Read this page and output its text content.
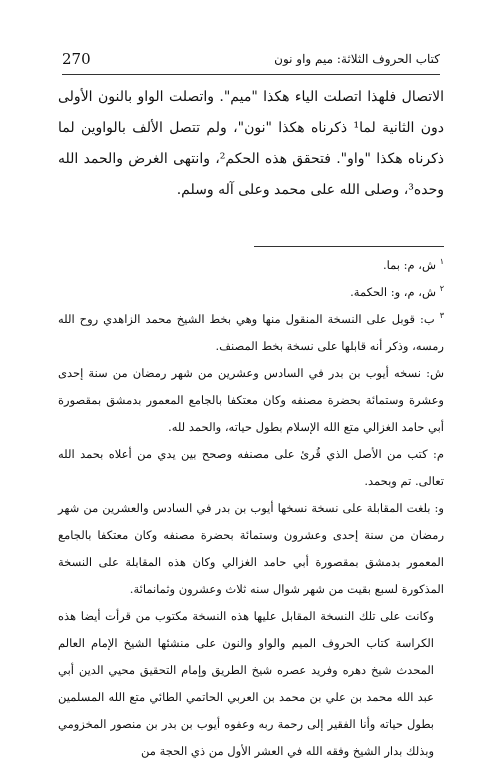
270	كتاب الحروف الثلاثة: ميم واو نون

الاتصال فلهذا اتصلت الياء هكذا "ميم". واتصلت الواو بالنون الأولى دون الثانية لما¹ ذكرناه هكذا "نون"، ولم تتصل الألف بالواوين لما ذكرناه هكذا "واو". فتحقق هذه الحكم²، وانتهى الغرض والحمد الله وحده³، وصلى الله على محمد وعلى آله وسلم.

$^١$ ش، م: بما.

$^٢$ ش، م، و: الحكمة.

$^٣$ ب: قوبل على النسخة المنقول منها وهي بخط الشيخ محمد الزاهدي روح الله رمسه، وذكر أنه قابلها على نسخة بخط المصنف.

ش: نسخه أيوب بن بدر في السادس وعشرين من شهر رمضان من سنة إحدى وعشرة وستمائة بحضرة مصنفه وكان معتكفا بالجامع المعمور بدمشق بمقصورة أبي حامد الغزالي متع الله الإسلام بطول حياته، والحمد لله.

م: كتب من الأصل الذي قُرئ على مصنفه وصحح بين يدي من أعلاه بحمد الله تعالى. تم وبحمد.

و: بلغت المقابلة على نسخة نسخها أيوب بن بدر في السادس والعشرين من شهر رمضان من سنة إحدى وعشرون وستمائة بحضرة مصنفه وكان معتكفا بالجامع المعمور بدمشق بمقصورة أبي حامد الغزالي وكان هذه المقابلة على النسخة المذكورة لسبع بقيت من شهر شوال سنه ثلاث وعشرون وثمانمائة.

وكانت على تلك النسخة المقابل عليها هذه النسخة مكتوب من قرأت أيضا هذه الكراسة كتاب الحروف الميم والواو والنون على منشئها الشيخ الإمام العالم المحدث شيخ دهره وفريد عصره شيخ الطريق وإمام التحقيق محيي الدين أبي عبد الله محمد بن علي بن محمد بن العربي الحاتمي الطائي متع الله المسلمين بطول حياته وأنا الفقير إلى رحمة ربه وعفوه أيوب بن بدر بن منصور المخزومي وبذلك بدار الشيخ وفقه الله في العشر الأول من ذي الحجة من
